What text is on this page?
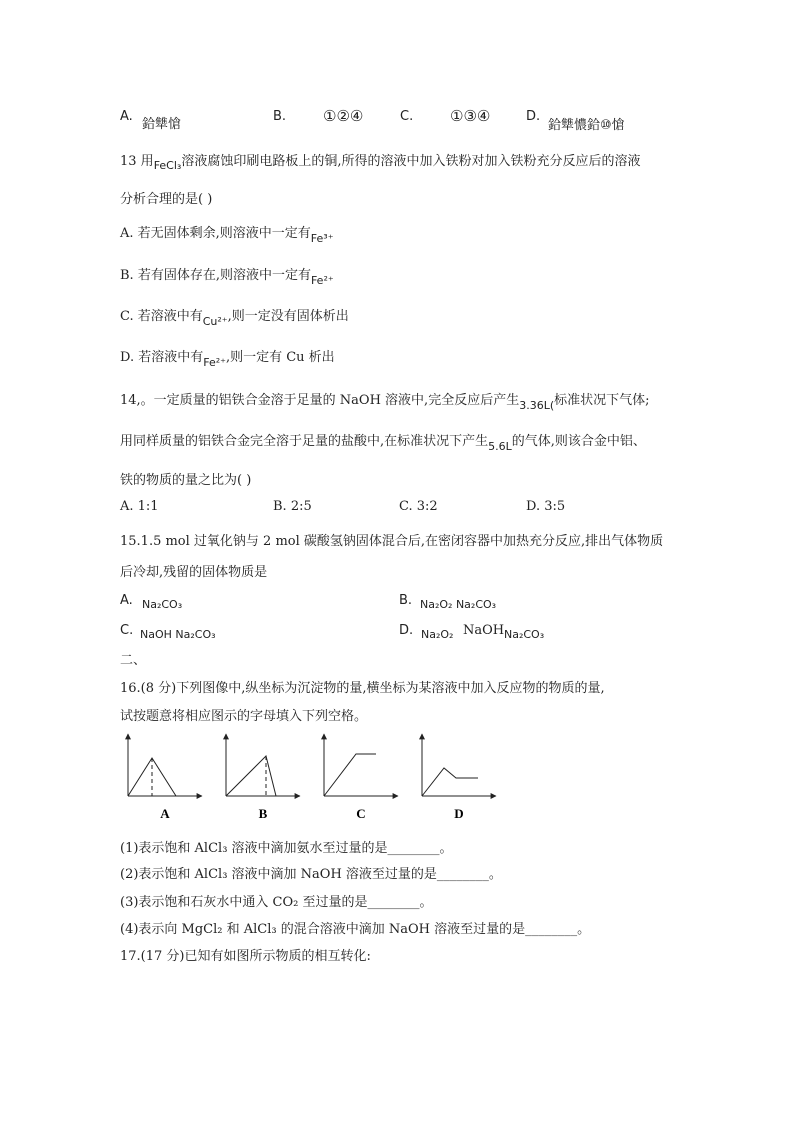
A.
鉿犨愴
B. ①②④	C. ①③④	D.
鉿犨憹鉿⑩愴
13 用$_{FeCl_3}$溶液腐蚀印刷电路板上的铜,所得的溶液中加入铁粉对加入铁粉充分反应后的溶液
分析合理的是( )
A. 若无固体剩余,则溶液中一定有$_{Fe^{3+}}$
B. 若有固体存在,则溶液中一定有$_{Fe^{2+}}$
C. 若溶液中有$_{Cu^{2+}}$,则一定没有固体析出
D. 若溶液中有$_{Fe^{2+}}$,则一定有 Cu 析出
14,。一定质量的铝铁合金溶于足量的 NaOH 溶液中,完全反应后产生$_{3.36L(}$标准状况下气体;
用同样质量的铝铁合金完全溶于足量的盐酸中,在标准状况下产生$_{5.6L}$的气体,则该合金中铝、
铁的物质的量之比为( )
A. 1:1	B. 2:5	C. 3:2	D. 3:5
15.1.5 mol 过氧化钠与 2 mol 碳酸氢钠固体混合后,在密闭容器中加热充分反应,排出气体物质
后冷却,残留的固体物质是
A. Na₂CO₃	B. Na₂O₂ Na₂CO₃
C. NaOH Na₂CO₃	D. Na₂O₂ NaOH Na₂CO₃
二、
16.(8 分)下列图像中,纵坐标为沉淀物的量,横坐标为某溶液中加入反应物的物质的量,
试按题意将相应图示的字母填入下列空格。
A	B	C	D
(1)表示饱和 AlCl₃ 溶液中滴加氨水至过量的是________。
(2)表示饱和 AlCl₃ 溶液中滴加 NaOH 溶液至过量的是________。
(3)表示饱和石灰水中通入 CO₂ 至过量的是________。
(4)表示向 MgCl₂ 和 AlCl₃ 的混合溶液中滴加 NaOH 溶液至过量的是________。
17.(17 分)已知有如图所示物质的相互转化:
